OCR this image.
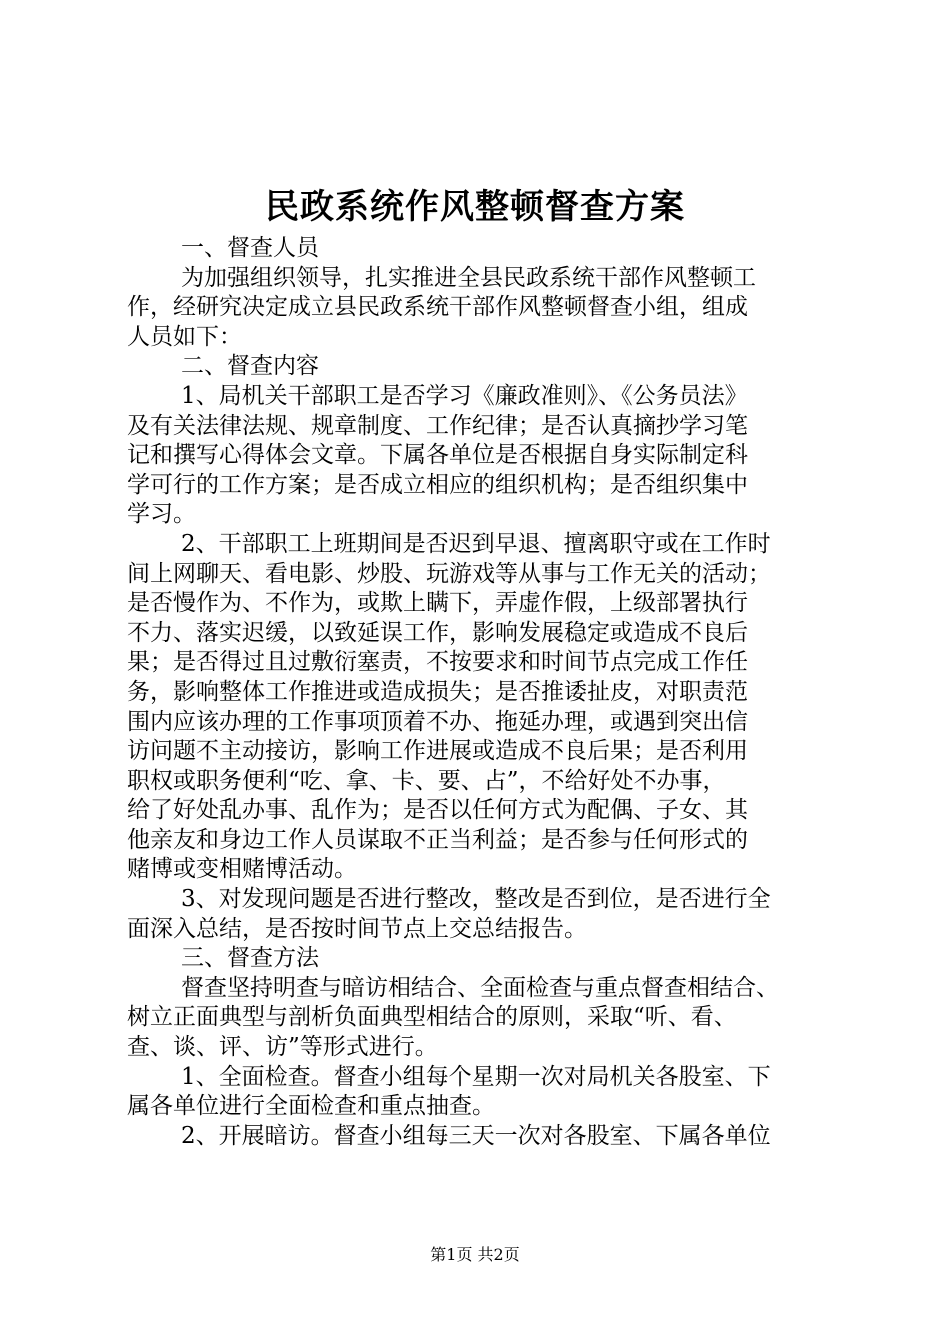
民政系统作风整顿督查方案
一、督查人员
为加强组织领导，扎实推进全县民政系统干部作风整顿工
作，经研究决定成立县民政系统干部作风整顿督查小组，组成
人员如下：
二、督查内容
1、局机关干部职工是否学习《廉政准则》、《公务员法》
及有关法律法规、规章制度、工作纪律；是否认真摘抄学习笔
记和撰写心得体会文章。下属各单位是否根据自身实际制定科
学可行的工作方案；是否成立相应的组织机构；是否组织集中
学习。
2、干部职工上班期间是否迟到早退、擅离职守或在工作时
间上网聊天、看电影、炒股、玩游戏等从事与工作无关的活动；
是否慢作为、不作为，或欺上瞒下，弄虚作假，上级部署执行
不力、落实迟缓，以致延误工作，影响发展稳定或造成不良后
果；是否得过且过敷衍塞责，不按要求和时间节点完成工作任
务，影响整体工作推进或造成损失；是否推诿扯皮，对职责范
围内应该办理的工作事项顶着不办、拖延办理，或遇到突出信
访问题不主动接访，影响工作进展或造成不良后果；是否利用
职权或职务便利“吃、拿、卡、要、占”，不给好处不办事，
给了好处乱办事、乱作为；是否以任何方式为配偶、子女、其
他亲友和身边工作人员谋取不正当利益；是否参与任何形式的
赌博或变相赌博活动。
3、对发现问题是否进行整改，整改是否到位，是否进行全
面深入总结，是否按时间节点上交总结报告。
三、督查方法
督查坚持明查与暗访相结合、全面检查与重点督查相结合、
树立正面典型与剖析负面典型相结合的原则，采取“听、看、
查、谈、评、访”等形式进行。
1、全面检查。督查小组每个星期一次对局机关各股室、下
属各单位进行全面检查和重点抽查。
2、开展暗访。督查小组每三天一次对各股室、下属各单位
第1页 共2页
